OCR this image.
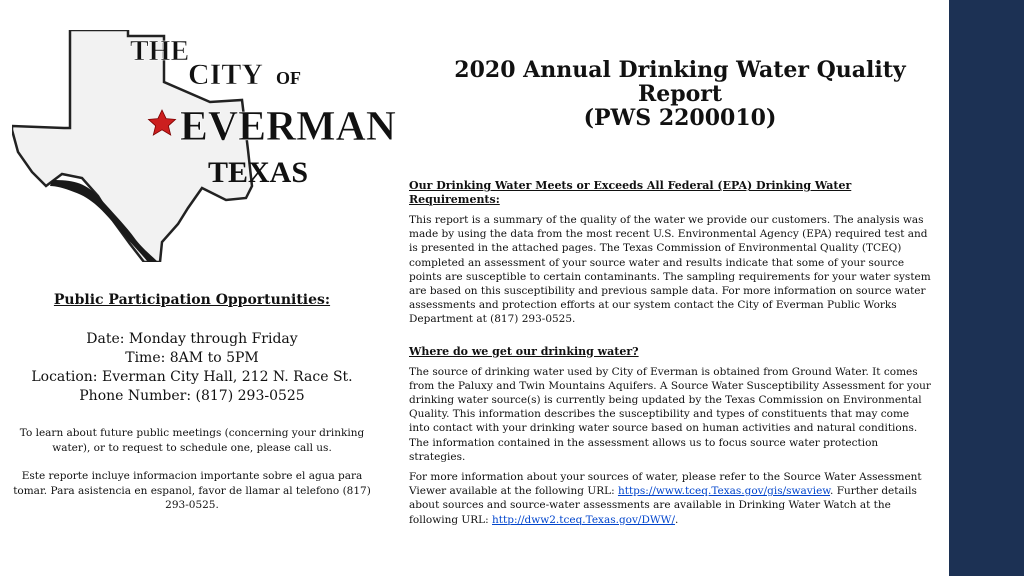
THE
CITY OF
EVERMAN
TEXAS
2020 Annual Drinking Water Quality
Report
(PWS 2200010)

Our Drinking Water Meets or Exceeds All Federal (EPA) Drinking Water Requirements:

This report is a summary of the quality of the water we provide our customers. The analysis was made by using the data from the most recent U.S. Environmental Agency (EPA) required test and is presented in the attached pages. The Texas Commission of Environmental Quality (TCEQ) completed an assessment of your source water and results indicate that some of your source points are susceptible to certain contaminants. The sampling requirements for your water system are based on this susceptibility and previous sample data. For more information on source water assessments and protection efforts at our system contact the City of Everman Public Works Department at (817) 293-0525.

Where do we get our drinking water?

The source of drinking water used by City of Everman is obtained from Ground Water. It comes from the Paluxy and Twin Mountains Aquifers. A Source Water Susceptibility Assessment for your drinking water source(s) is currently being updated by the Texas Commission on Environmental Quality. This information describes the susceptibility and types of constituents that may come into contact with your drinking water source based on human activities and natural conditions. The information contained in the assessment allows us to focus source water protection strategies.

For more information about your sources of water, please refer to the Source Water Assessment Viewer available at the following URL: https://www.tceq.Texas.gov/gis/swaview. Further details about sources and source-water assessments are available in Drinking Water Watch at the following URL: http://dww2.tceq.Texas.gov/DWW/.

Public Participation Opportunities:

Date: Monday through Friday

Time: 8AM to 5PM

Location: Everman City Hall, 212 N. Race St.

Phone Number: (817) 293-0525

To learn about future public meetings (concerning your drinking water), or to request to schedule one, please call us.

Este reporte incluye informacion importante sobre el agua para tomar. Para asistencia en espanol, favor de llamar al telefono (817) 293-0525.
